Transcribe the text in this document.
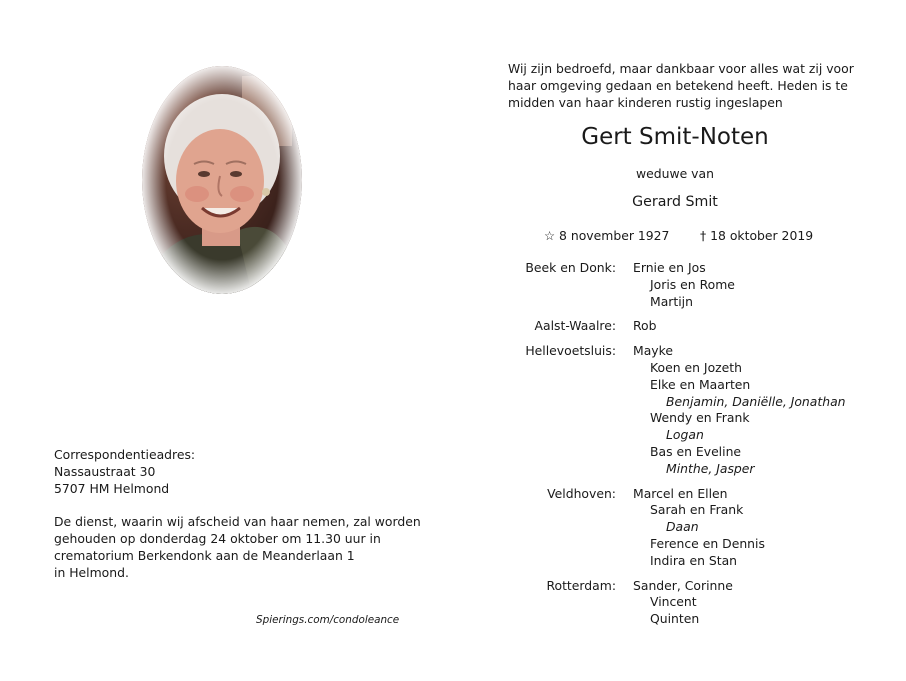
Correspondentieadres:
Nassaustraat 30
5707 HM Helmond
De dienst, waarin wij afscheid van haar nemen, zal worden
gehouden op donderdag 24 oktober om 11.30 uur in
crematorium Berkendonk aan de Meanderlaan 1
in Helmond.
Spierings.com/condoleance
Wij zijn bedroefd, maar dankbaar voor alles wat zij voor
haar omgeving gedaan en betekend heeft. Heden is te
midden van haar kinderen rustig ingeslapen
Gert Smit-Noten
weduwe van
Gerard Smit
☆ 8 november 1927 † 18 oktober 2019
Beek en Donk: Ernie en Jos
Joris en Rome
Martijn
Aalst-Waalre: Rob
Hellevoetsluis: Mayke
Koen en Jozeth
Elke en Maarten
Benjamin, Daniëlle, Jonathan
Wendy en Frank
Logan
Bas en Eveline
Minthe, Jasper
Veldhoven: Marcel en Ellen
Sarah en Frank
Daan
Ference en Dennis
Indira en Stan
Rotterdam: Sander, Corinne
Vincent
Quinten
